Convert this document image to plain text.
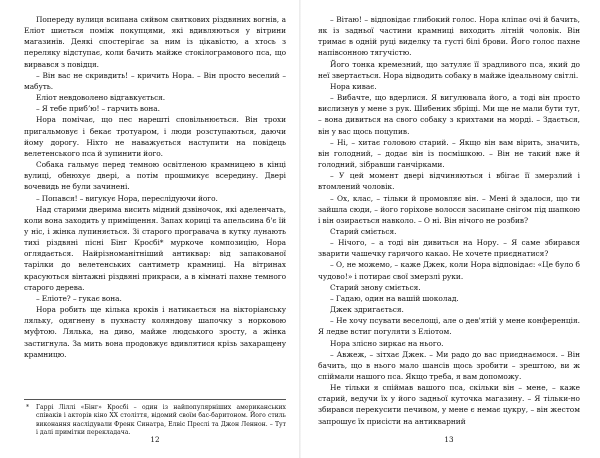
Попереду вулиця всипана сяйвом святкових різдвяних вогнів, а Еліот шиється поміж покупцями, які вдивляються у вітрини магазинів. Деякі спостерігає за ним із цікавістю, а хтось з переляку відступає, коли бачить майже стокілограмового пса, що вирвався з повідця.

– Він вас не скривдить! – кричить Нора. – Він просто веселий – мабуть.

Еліот невдоволено відгавкується.

– Я тебе прибʼю! – гарчить вона.

Нора помічає, що пес нарешті сповільнюється. Він трохи пригальмовує і бекає тротуаром, і люди розступаються, даючи йому дорогу. Ніхто не наважується наступити на повідець велетенського пса й зупинити його.

Собака гальмує перед темною освітленою крамницею в кінці вулиці, обнюхує двері, а потім прошмикує всередину. Двері вочевидь не були зачинені.

– Попався! – вигукує Нора, переслідуючи його.

Над старими дверима висить мідний дзвіночок, які аделенчать, коли вона заходить у приміщення. Запах кориці та апельсина б'є їй у ніс, і жінка лупиняється. Зі старого програвача в кутку лунають тихі різдвяні пісні Бінг Кросбі* муркоче композицію, Нора оглядається. Найрізноманітніший антиквар: від запакованої тарілки до велетенських сантиметр крамниці. На вітринах красуються вінтажні різдвяні прикраси, а в кімнаті пахне темного старого дерева.

– Еліоте? – гукає вона.

Нора робить ще кілька кроків і натикається на вікторіанську ляльку, одягнену в пухнасту коляндову шапочку з норковою муфтою. Лялька, на диво, майже людського зросту, а жінка застигнула. За мить вона продовжує вдивлятися крізь захаращену крамницю.

* Гаррі Ліллі «Бінг» Кросбі – один із найпопулярніших американських співаків і акторів кіно XX століття, відомий своїм бас-баритоном. Його стиль виконання наслідували Френк Синатра, Елвіс Преслі та Джон Леннон. – Тут і далі примітки перекладача.

12

– Вітаю! – відповідає глибокий голос. Нора кліпає очі й бачить, як із задньої частини крамниці виходить літній чоловік. Він тримає в одній руці виделку та густі білі брови. Його голос пахне напівсонною тягучістю.

Його тонка кремезний, що затуляє її зрадливого пса, який до неї звертається. Нора відводить собаку в майже ідеальному світлі.

Нора киває.

– Вибачте, що вдерлися. Я вигулювала його, а тоді він просто вислизнув у мене з рук. Шибеник збріщі. Ми ще не мали бути тут, – вона дивиться на свого собаку з крихтами на морді. – Здається, він у вас щось поцупив.

– Ні, – хитає головою старий. – Якщо він вам вірить, значить, він голодний, – додає він із посмішкою. – Він не такий вже й голодний, зібравши ганчірками.

– У цей момент двері відчиняються і вбігає її змерзлий і втомлений чоловік.

– Ох, клас, – тільки й промовляє він. – Мені й здалося, що ти зайшла сюди, – його горіхове волосся засипане снігом під шапкою і він озирається навколо. – О ні. Він нічого не розбив?

Старий сміється.

– Нічого, – а тоді він дивиться на Нору. – Я саме збирався зварити чашечку гарячого какао. Не хочете приєднатися?

– О, не можемо, – каже Джек, коли Нора відповідає: «Це було б чудово!» і потирає свої змерзлі руки.

Старий знову сміється.

– Гадаю, один на вашій шоколад.

Джек здригається.

– Не хочу псувати веселощі, але о дев'ятій у мене конференція. Я ледве встиг погуляти з Еліотом.

Нора злісно зиркає на нього.

– Авжеж, – зітхає Джек. – Ми радо до вас приєднаємося. – Він бачить, що в нього мало шансів щось зробити – зрештою, ви ж спіймали нашого пса. Якщо треба, я вам допоможу.

Не тільки я спіймав вашого пса, скільки він – мене, – каже старий, ведучи їх у його задньої куточка магазину. – Я тільки-но збирався перекусити печивом, у мене є немає цукру, – він жестом запрошує їх присісти на антикварний

13
